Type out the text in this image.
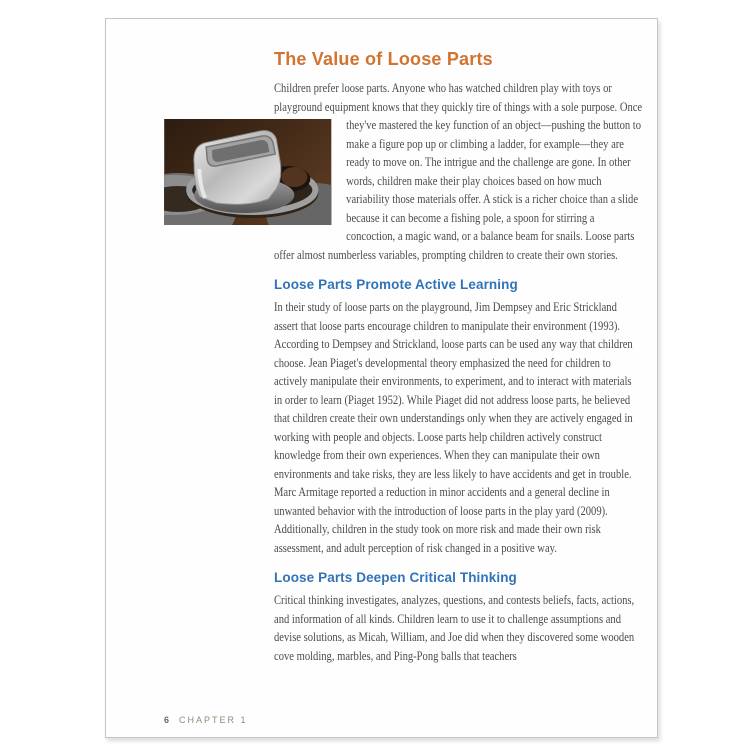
The Value of Loose Parts

Children prefer loose parts. Anyone who has watched children play with toys or playground equipment knows that they quickly tire of things with a sole purpose. Once they've mastered the key function of an object—pushing the button to make a figure pop up or climbing a ladder, for example—they are ready to move on. The intrigue and the challenge are gone. In other words, children make their play choices based on how much variability those materials offer. A stick is a richer choice than a slide because it can become a fishing pole, a spoon for stirring a concoction, a magic wand, or a balance beam for snails. Loose parts offer almost numberless variables, prompting children to create their own stories.

Loose Parts Promote Active Learning

In their study of loose parts on the playground, Jim Dempsey and Eric Strickland assert that loose parts encourage children to manipulate their environment (1993). According to Dempsey and Strickland, loose parts can be used any way that children choose. Jean Piaget's developmental theory emphasized the need for children to actively manipulate their environments, to experiment, and to interact with materials in order to learn (Piaget 1952). While Piaget did not address loose parts, he believed that children create their own understandings only when they are actively engaged in working with people and objects. Loose parts help children actively construct knowledge from their own experiences. When they can manipulate their own environments and take risks, they are less likely to have accidents and get in trouble. Marc Armitage reported a reduction in minor accidents and a general decline in unwanted behavior with the introduction of loose parts in the play yard (2009). Additionally, children in the study took on more risk and made their own risk assessment, and adult perception of risk changed in a positive way.

Loose Parts Deepen Critical Thinking

Critical thinking investigates, analyzes, questions, and contests beliefs, facts, actions, and information of all kinds. Children learn to use it to challenge assumptions and devise solutions, as Micah, William, and Joe did when they discovered some wooden cove molding, marbles, and Ping-Pong balls that teachers

6 CHAPTER 1
